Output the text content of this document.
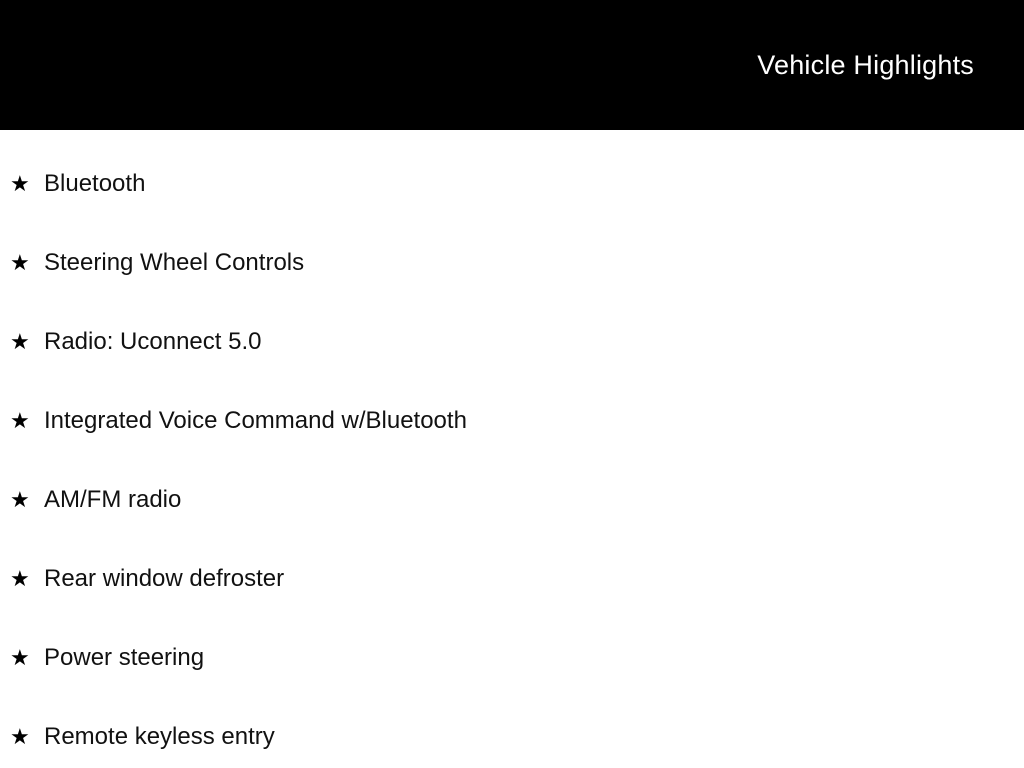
Vehicle Highlights
★ Bluetooth
★ Steering Wheel Controls
★ Radio: Uconnect 5.0
★ Integrated Voice Command w/Bluetooth
★ AM/FM radio
★ Rear window defroster
★ Power steering
★ Remote keyless entry
